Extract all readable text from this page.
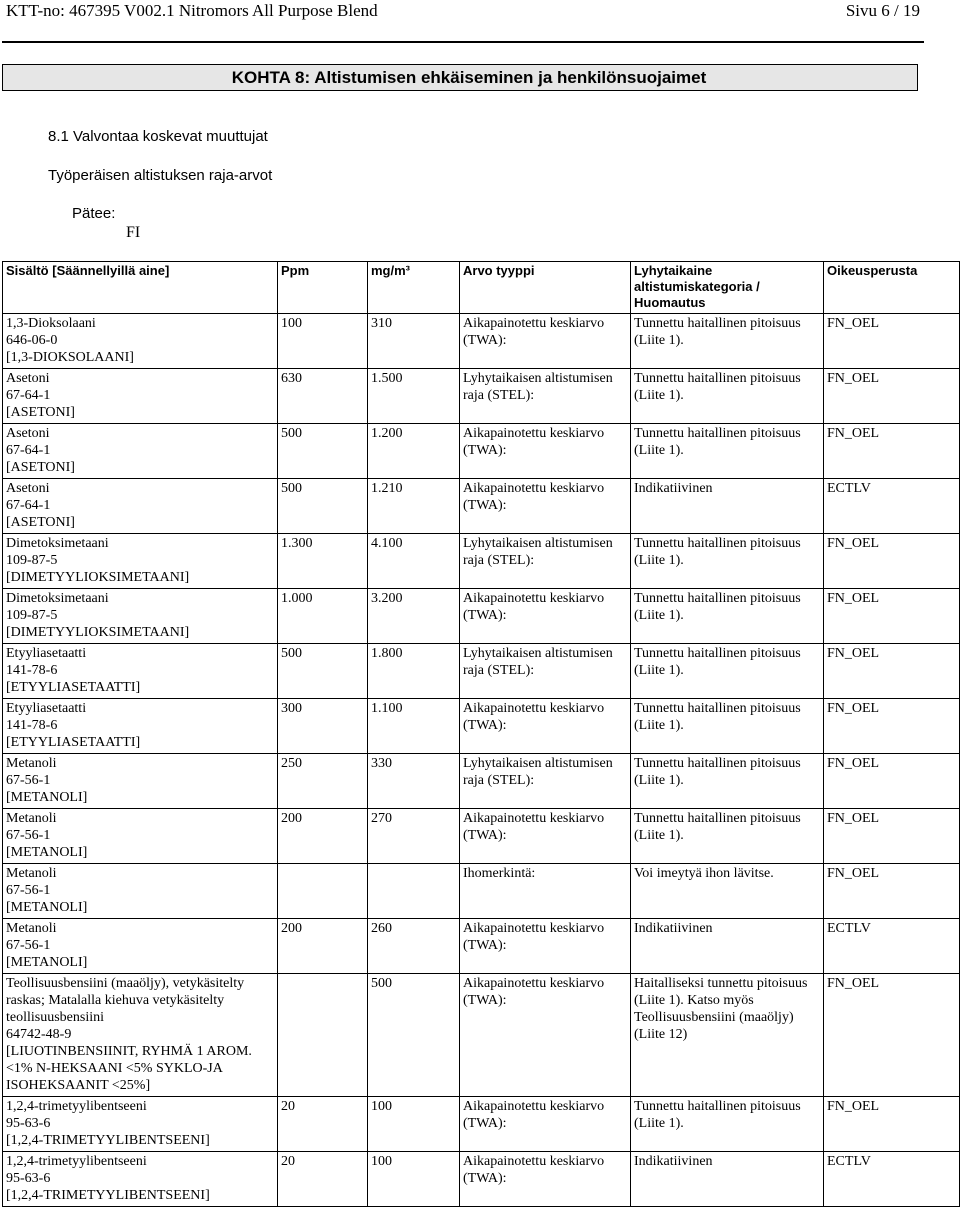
KTT-no: 467395 V002.1 Nitromors All Purpose Blend	Sivu 6 / 19
KOHTA 8: Altistumisen ehkäiseminen ja henkilönsuojaimet
8.1 Valvontaa koskevat muuttujat
Työperäisen altistuksen raja-arvot
Pätee:
FI
Sisältö [Säännellyillä aine]	Ppm	mg/m³	Arvo tyyppi	Lyhytaikaine altistumiskategoria / Huomautus	Oikeusperusta
1,3-Dioksolaani
646-06-0
[1,3-DIOKSOLAANI]	100	310	Aikapainotettu keskiarvo (TWA):	Tunnettu haitallinen pitoisuus (Liite 1).	FN_OEL
Asetoni
67-64-1
[ASETONI]	630	1.500	Lyhytaikaisen altistumisen raja (STEL):	Tunnettu haitallinen pitoisuus (Liite 1).	FN_OEL
Asetoni
67-64-1
[ASETONI]	500	1.200	Aikapainotettu keskiarvo (TWA):	Tunnettu haitallinen pitoisuus (Liite 1).	FN_OEL
Asetoni
67-64-1
[ASETONI]	500	1.210	Aikapainotettu keskiarvo (TWA):	Indikatiivinen	ECTLV
Dimetoksimetaani
109-87-5
[DIMETYYLIOKSIMETAANI]	1.300	4.100	Lyhytaikaisen altistumisen raja (STEL):	Tunnettu haitallinen pitoisuus (Liite 1).	FN_OEL
Dimetoksimetaani
109-87-5
[DIMETYYLIOKSIMETAANI]	1.000	3.200	Aikapainotettu keskiarvo (TWA):	Tunnettu haitallinen pitoisuus (Liite 1).	FN_OEL
Etyyliasetaatti
141-78-6
[ETYYLIASETAATTI]	500	1.800	Lyhytaikaisen altistumisen raja (STEL):	Tunnettu haitallinen pitoisuus (Liite 1).	FN_OEL
Etyyliasetaatti
141-78-6
[ETYYLIASETAATTI]	300	1.100	Aikapainotettu keskiarvo (TWA):	Tunnettu haitallinen pitoisuus (Liite 1).	FN_OEL
Metanoli
67-56-1
[METANOLI]	250	330	Lyhytaikaisen altistumisen raja (STEL):	Tunnettu haitallinen pitoisuus (Liite 1).	FN_OEL
Metanoli
67-56-1
[METANOLI]	200	270	Aikapainotettu keskiarvo (TWA):	Tunnettu haitallinen pitoisuus (Liite 1).	FN_OEL
Metanoli
67-56-1
[METANOLI]			Ihomerkintä:	Voi imeytyä ihon lävitse.	FN_OEL
Metanoli
67-56-1
[METANOLI]	200	260	Aikapainotettu keskiarvo (TWA):	Indikatiivinen	ECTLV
Teollisuusbensiini (maaöljy), vetykäsitelty raskas; Matalalla kiehuva vetykäsitelty teollisuusbensiini
64742-48-9
[LIUOTINBENSIINIT, RYHMÄ 1 AROM. <1% N-HEKSAANI <5% SYKLO-JA ISOHEKSAANIT <25%]		500	Aikapainotettu keskiarvo (TWA):	Haitalliseksi tunnettu pitoisuus (Liite 1). Katso myös Teollisuusbensiini (maaöljy) (Liite 12)	FN_OEL
1,2,4-trimetyylibentseeni
95-63-6
[1,2,4-TRIMETYYLIBENTSEENI]	20	100	Aikapainotettu keskiarvo (TWA):	Tunnettu haitallinen pitoisuus (Liite 1).	FN_OEL
1,2,4-trimetyylibentseeni
95-63-6
[1,2,4-TRIMETYYLIBENTSEENI]	20	100	Aikapainotettu keskiarvo (TWA):	Indikatiivinen	ECTLV
